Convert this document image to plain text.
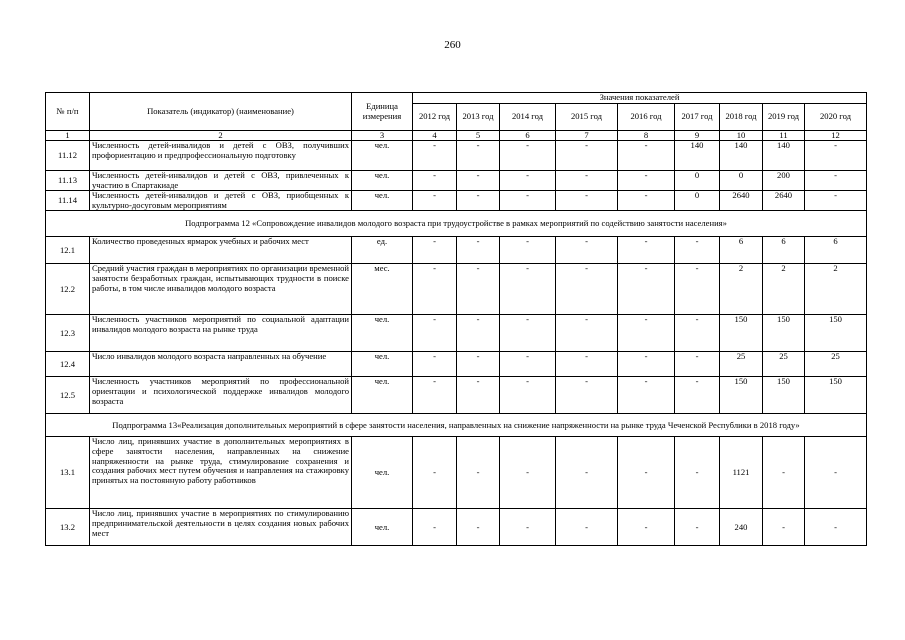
260
№ п/п	Показатель (индикатор) (наименование)	Единица измерения	Значения показателей								
			2012 год	2013 год	2014 год	2015 год	2016 год	2017 год	2018 год	2019 год	2020 год
1	2	3	4	5	6	7	8	9	10	11	12
11.12	Численность детей-инвалидов и детей с ОВЗ, получивших профориентацию и предпрофессиональную подготовку	чел.	-	-	-	-	-	140	140	140	-
11.13	Численность детей-инвалидов и детей с ОВЗ, привлеченных к участию в Спартакиаде	чел.	-	-	-	-	-	0	0	200	-
11.14	Численность детей-инвалидов и детей с ОВЗ, приобщенных к культурно-досуговым мероприятиям	чел.	-	-	-	-	-	0	2640	2640	-
Подпрограмма 12 «Сопровождение инвалидов молодого возраста при трудоустройстве в рамках мероприятий по содействию занятости населения»											
12.1	Количество проведенных ярмарок учебных и рабочих мест	ед.	-	-	-	-	-	-	6	6	6
12.2	Средний участия граждан в мероприятиях по организации временной занятости безработных граждан, испытывающих трудности в поиске работы, в том числе инвалидов молодого возраста	мес.	-	-	-	-	-	-	2	2	2
12.3	Численность участников мероприятий по социальной адаптации инвалидов молодого возраста на рынке труда	чел.	-	-	-	-	-	-	150	150	150
12.4	Число инвалидов молодого возраста направленных на обучение	чел.	-	-	-	-	-	-	25	25	25
12.5	Численность участников мероприятий по профессиональной ориентации и психологической поддержке инвалидов молодого возраста	чел.	-	-	-	-	-	-	150	150	150
Подпрограмма 13«Реализация дополнительных мероприятий в сфере занятости населения, направленных на снижение напряженности на рынке труда Чеченской Республики в 2018 году»											
13.1	Число лиц, принявших участие в дополнительных мероприятиях в сфере занятости населения, направленных на снижение напряженности на рынке труда, стимулирование сохранения и создания рабочих мест путем обучения и направления на стажировку принятых на постоянную работу работников	чел.	-	-	-	-	-	-	1121	-	-
13.2	Число лиц, принявших участие в мероприятиях по стимулированию предпринимательской деятельности в целях создания новых рабочих мест	чел.	-	-	-	-	-	-	240	-	-
